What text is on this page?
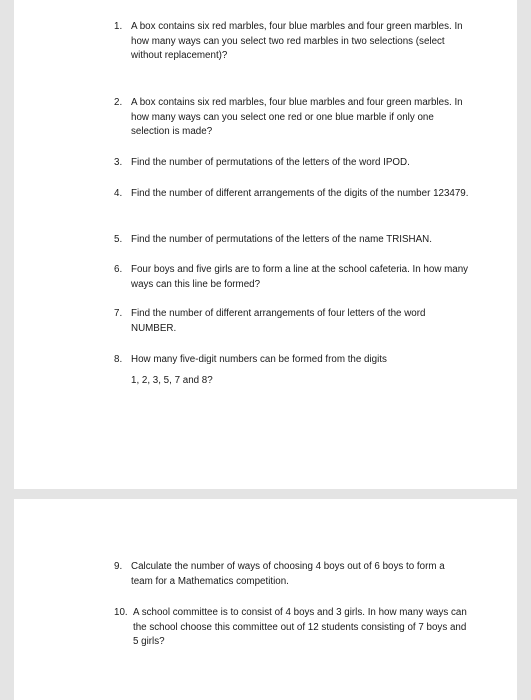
1. A box contains six red marbles, four blue marbles and four green marbles. In how many ways can you select two red marbles in two selections (select without replacement)?
2. A box contains six red marbles, four blue marbles and four green marbles. In how many ways can you select one red or one blue marble if only one selection is made?
3. Find the number of permutations of the letters of the word IPOD.
4. Find the number of different arrangements of the digits of the number 123479.
5. Find the number of permutations of the letters of the name TRISHAN.
6. Four boys and five girls are to form a line at the school cafeteria. In how many ways can this line be formed?
7. Find the number of different arrangements of four letters of the word NUMBER.
8. How many five-digit numbers can be formed from the digits
1, 2, 3, 5, 7 and 8?
9. Calculate the number of ways of choosing 4 boys out of 6 boys to form a team for a Mathematics competition.
10. A school committee is to consist of 4 boys and 3 girls. In how many ways can the school choose this committee out of 12 students consisting of 7 boys and 5 girls?
